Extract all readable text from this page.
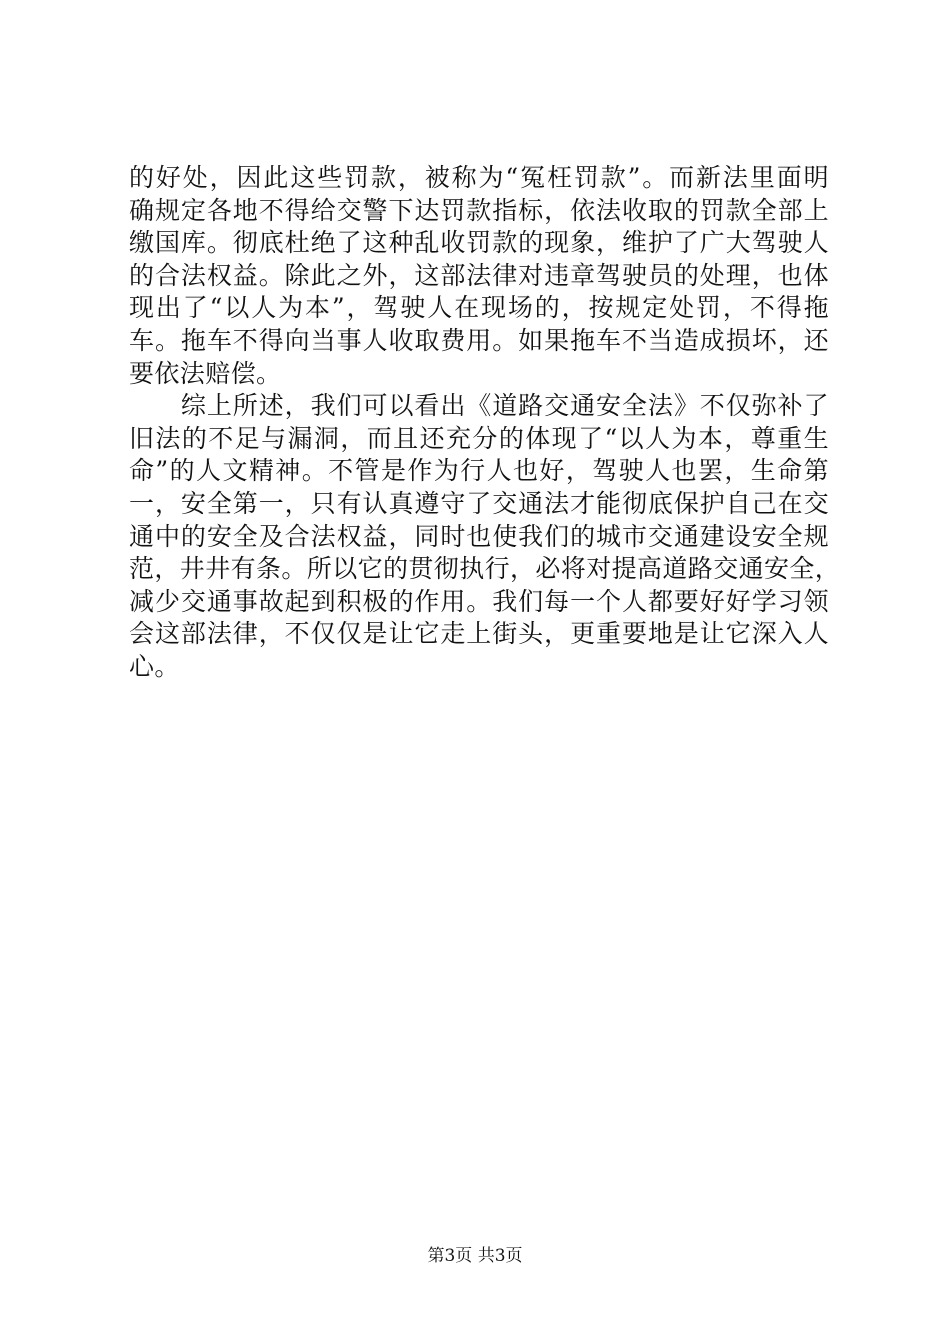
的好处，因此这些罚款，被称为“冤枉罚款”。而新法里面明
确规定各地不得给交警下达罚款指标，依法收取的罚款全部上
缴国库。彻底杜绝了这种乱收罚款的现象，维护了广大驾驶人
的合法权益。除此之外，这部法律对违章驾驶员的处理，也体
现出了“以人为本”，驾驶人在现场的，按规定处罚，不得拖
车。拖车不得向当事人收取费用。如果拖车不当造成损坏，还
要依法赔偿。
　　综上所述，我们可以看出《道路交通安全法》不仅弥补了
旧法的不足与漏洞，而且还充分的体现了“以人为本，尊重生
命”的人文精神。不管是作为行人也好，驾驶人也罢，生命第
一，安全第一，只有认真遵守了交通法才能彻底保护自己在交
通中的安全及合法权益，同时也使我们的城市交通建设安全规
范，井井有条。所以它的贯彻执行，必将对提高道路交通安全，
减少交通事故起到积极的作用。我们每一个人都要好好学习领
会这部法律，不仅仅是让它走上街头，更重要地是让它深入人
心。
第3页 共3页
